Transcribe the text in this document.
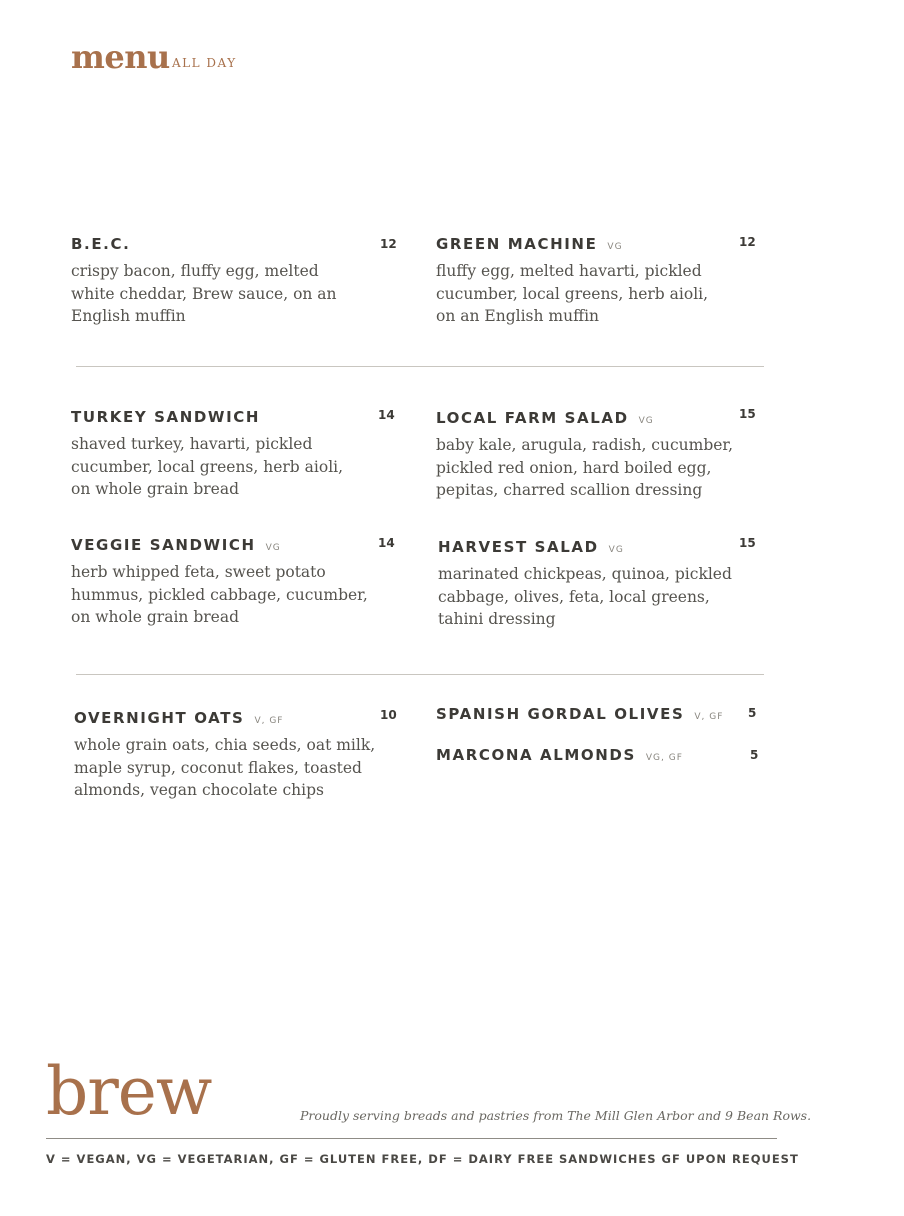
menu ALL DAY
B.E.C.	12
crispy bacon, fluffy egg, melted
white cheddar, Brew sauce, on an
English muffin
GREEN MACHINE VG	12
fluffy egg, melted havarti, pickled
cucumber, local greens, herb aioli,
on an English muffin
TURKEY SANDWICH	14
shaved turkey, havarti, pickled
cucumber, local greens, herb aioli,
on whole grain bread
LOCAL FARM SALAD VG	15
baby kale, arugula, radish, cucumber,
pickled red onion, hard boiled egg,
pepitas, charred scallion dressing
VEGGIE SANDWICH VG	14
herb whipped feta, sweet potato
hummus, pickled cabbage, cucumber,
on whole grain bread
HARVEST SALAD VG	15
marinated chickpeas, quinoa, pickled
cabbage, olives, feta, local greens,
tahini dressing
OVERNIGHT OATS V, GF	10
whole grain oats, chia seeds, oat milk,
maple syrup, coconut flakes, toasted
almonds, vegan chocolate chips
SPANISH GORDAL OLIVES V, GF 5
MARCONA ALMONDS VG, GF	5
brew	Proudly serving breads and pastries from The Mill Glen Arbor and 9 Bean Rows.
V = VEGAN, VG = VEGETARIAN, GF = GLUTEN FREE, DF = DAIRY FREE SANDWICHES GF UPON REQUEST
